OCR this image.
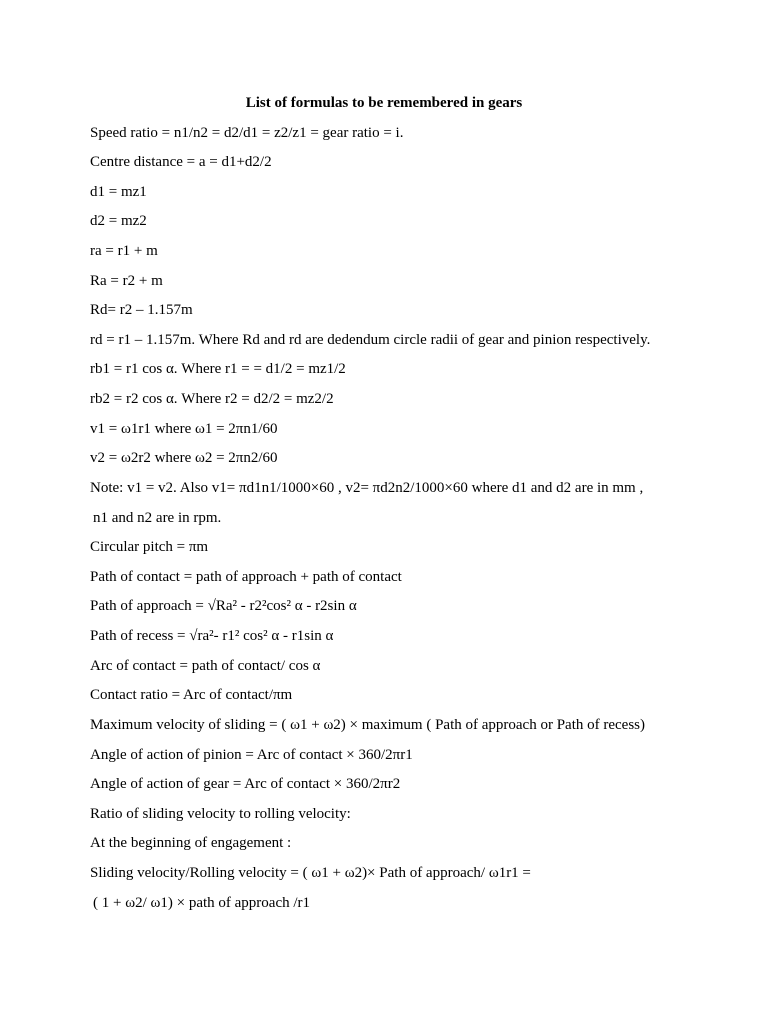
List of formulas to be remembered in gears
Speed ratio = n1/n2 = d2/d1 = z2/z1 = gear ratio = i.
Centre distance = a = d1+d2/2
d1 = mz1
d2 = mz2
ra = r1 + m
Ra = r2 + m
Rd= r2 – 1.157m
rd = r1 – 1.157m. Where Rd and rd are dedendum circle radii of gear and pinion respectively.
rb1 = r1 cos α. Where r1 = = d1/2 = mz1/2
rb2 = r2 cos α. Where r2 = d2/2 = mz2/2
v1 = ω1r1 where ω1 = 2πn1/60
v2 = ω2r2 where ω2 = 2πn2/60
Note: v1 = v2. Also v1= πd1n1/1000×60 , v2= πd2n2/1000×60 where d1 and d2 are in mm ,
n1 and n2 are in rpm.
Circular pitch = πm
Path of contact = path of approach + path of contact
Path of approach = √Ra² - r2²cos² α - r2sin α
Path of recess = √ra²- r1² cos² α - r1sin α
Arc of contact = path of contact/ cos α
Contact ratio = Arc of contact/πm
Maximum velocity of sliding = ( ω1 + ω2) × maximum ( Path of approach or Path of recess)
Angle of action of pinion = Arc of contact × 360/2πr1
Angle of action of gear = Arc of contact × 360/2πr2
Ratio of sliding velocity to rolling velocity:
At the beginning of engagement :
Sliding velocity/Rolling velocity = ( ω1 + ω2)× Path of approach/ ω1r1 =
( 1 + ω2/ ω1) × path of approach /r1
